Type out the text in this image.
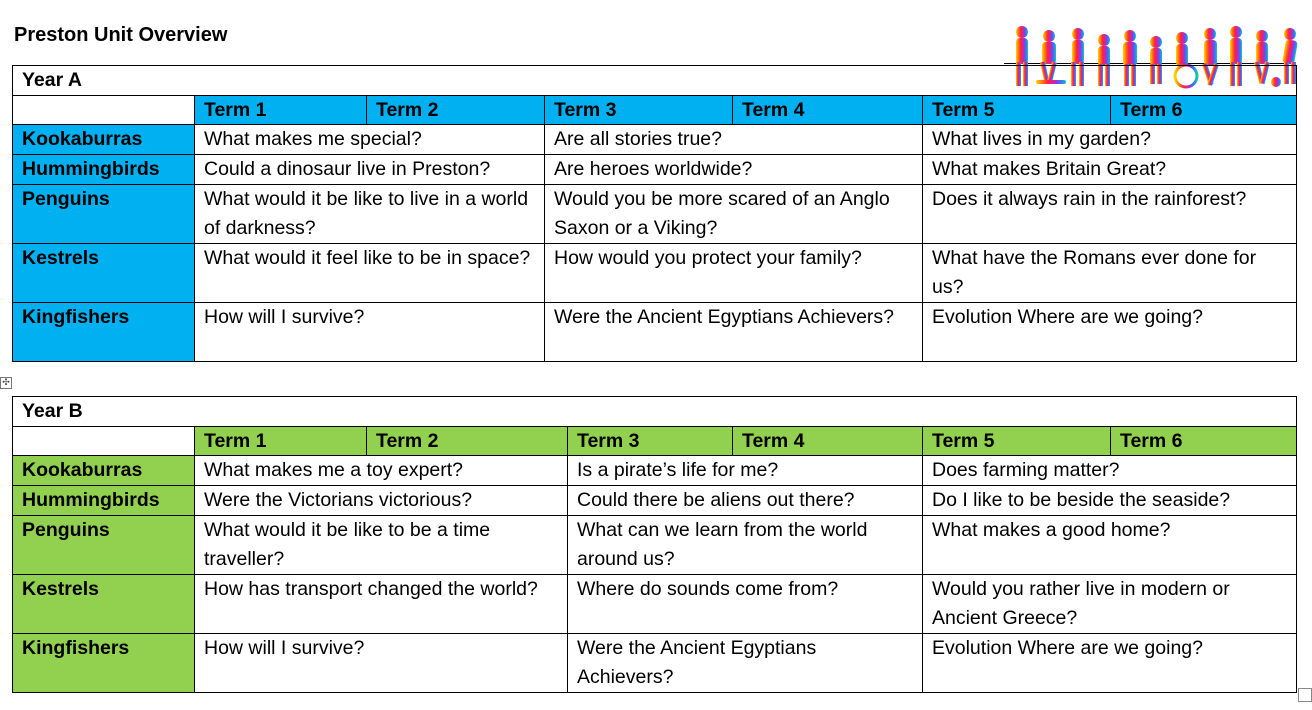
Preston Unit Overview
Year A						
	Term 1	Term 2	Term 3	Term 4	Term 5	Term 6
Kookaburras	What makes me special?		Are all stories true?		What lives in my garden?	
Hummingbirds	Could a dinosaur live in Preston?		Are heroes worldwide?		What makes Britain Great?	
Penguins	What would it be like to live in a world of darkness?		Would you be more scared of an Anglo Saxon or a Viking?		Does it always rain in the rainforest?	
Kestrels	What would it feel like to be in space?		How would you protect your family?		What have the Romans ever done for us?	
Kingfishers	How will I survive?		Were the Ancient Egyptians Achievers?		Evolution Where are we going?	
✣
Year B						
	Term 1	Term 2	Term 3	Term 4	Term 5	Term 6
Kookaburras	What makes me a toy expert?		Is a pirate’s life for me?		Does farming matter?	
Hummingbirds	Were the Victorians victorious?		Could there be aliens out there?		Do I like to be beside the seaside?	
Penguins	What would it be like to be a time traveller?		What can we learn from the world around us?		What makes a good home?	
Kestrels	How has transport changed the world?		Where do sounds come from?		Would you rather live in modern or Ancient Greece?	
Kingfishers	How will I survive?		Were the Ancient Egyptians Achievers?		Evolution Where are we going?	
